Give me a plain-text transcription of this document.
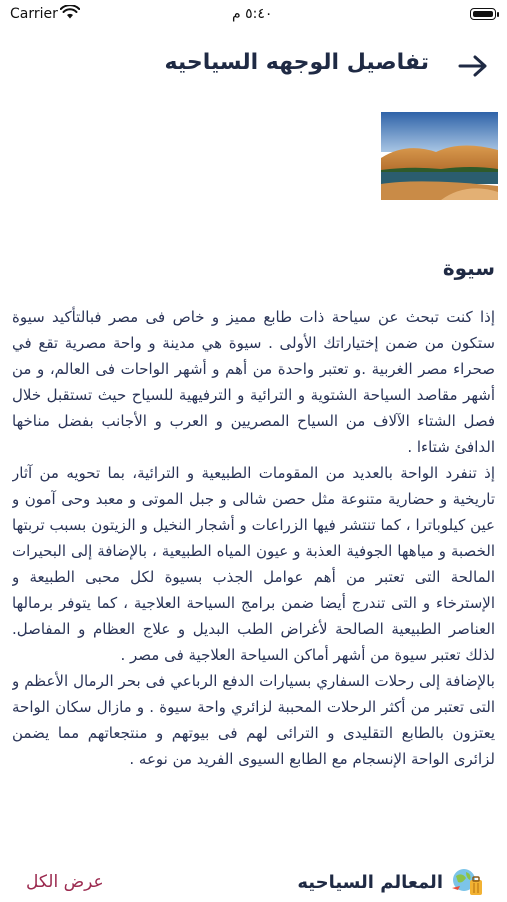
Carrier	٥:٤٠ م
تفاصيل الوجهه السياحيه
سيوة
إذا كنت تبحث عن سياحة ذات طابع مميز و خاص فى مصر فبالتأكيد سيوة ستكون من ضمن إختياراتك الأولى . سيوة هي مدينة و واحة مصرية تقع في صحراء مصر الغربية .و تعتبر واحدة من أهم و أشهر الواحات فى العالم، و من أشهر مقاصد السياحة الشتوية و الترائية و الترفيهية للسياح حيث تستقبل خلال فصل الشتاء الآلاف من السياح المصريين و العرب و الأجانب بفضل مناخها الدافئ شتاءا .
إذ تنفرد الواحة بالعديد من المقومات الطبيعية و الترائية، بما تحويه من آثار تاريخية و حضارية متنوعة مثل حصن شالى و جبل الموتى و معبد وحى آمون و عين كيلوباترا ، كما تنتشر فيها الزراعات و أشجار النخيل و الزيتون بسبب تربتها الخصبة و مياهها الجوفية العذبة و عيون المياه الطبيعية ، بالإضافة إلى البحيرات المالحة التى تعتبر من أهم عوامل الجذب بسيوة لكل محبى الطبيعة و الإسترخاء و التى تندرج أيضا ضمن برامج السياحة العلاجية ، كما يتوفر برمالها العناصر الطبيعية الصالحة لأغراض الطب البديل و علاج العظام و المفاصل. لذلك تعتبر سيوة من أشهر أماكن السياحة العلاجية فى مصر .
بالإضافة إلى رحلات السفاري بسيارات الدفع الرباعي فى بحر الرمال الأعظم و التى تعتبر من أكثر الرحلات المحببة لزائري واحة سيوة . و مازال سكان الواحة يعتزون بالطابع التقليدى و الترائى لهم فى بيوتهم و منتجعاتهم مما يضمن لزائرى الواحة الإنسجام مع الطابع السيوى الفريد من نوعه .
عرض الكل	المعالم السياحيه
